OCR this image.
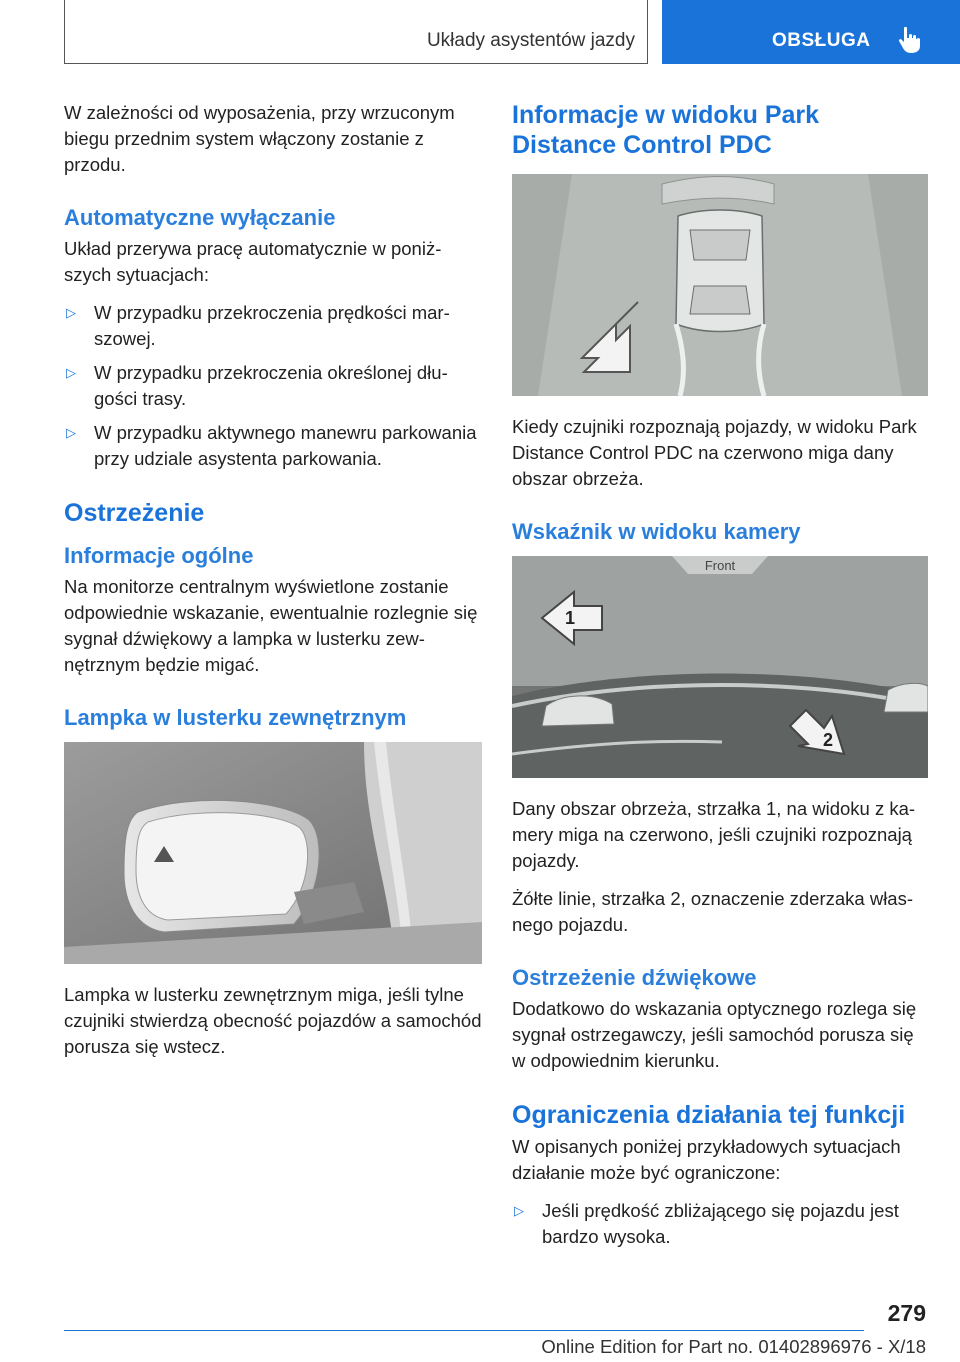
Układy asystentów jazdy	OBSŁUGA

W zależności od wyposażenia, przy wrzuconym biegu przednim system włączony zostanie z przodu.

Automatyczne wyłączanie

Układ przerywa pracę automatycznie w poniższych sytuacjach:

▷ W przypadku przekroczenia prędkości marszowej.
▷ W przypadku przekroczenia określonej długości trasy.
▷ W przypadku aktywnego manewru parkowania przy udziale asystenta parkowania.
Ostrzeżenie
Informacje ogólne

Na monitorze centralnym wyświetlone zostanie odpowiednie wskazanie, ewentualnie rozlegnie się sygnał dźwiękowy a lampka w lusterku zewnętrznym będzie migać.

Lampka w lusterku zewnętrznym

Lampka w lusterku zewnętrznym miga, jeśli tylne czujniki stwierdzą obecność pojazdów a samochód porusza się wstecz.

Informacje w widoku Park Distance Control PDC

Kiedy czujniki rozpoznają pojazdy, w widoku Park Distance Control PDC na czerwono miga dany obszar obrzeża.

Wskaźnik w widoku kamery
Front
1
2

Dany obszar obrzeża, strzałka 1, na widoku z kamery miga na czerwono, jeśli czujniki rozpoznają pojazdy.

Żółte linie, strzałka 2, oznaczenie zderzaka własnego pojazdu.

Ostrzeżenie dźwiękowe

Dodatkowo do wskazania optycznego rozlega się sygnał ostrzegawczy, jeśli samochód porusza się w odpowiednim kierunku.

Ograniczenia działania tej funkcji

W opisanych poniżej przykładowych sytuacjach działanie może być ograniczone:

▷ Jeśli prędkość zbliżającego się pojazdu jest bardzo wysoka.
279
Online Edition for Part no. 01402896976 - X/18
